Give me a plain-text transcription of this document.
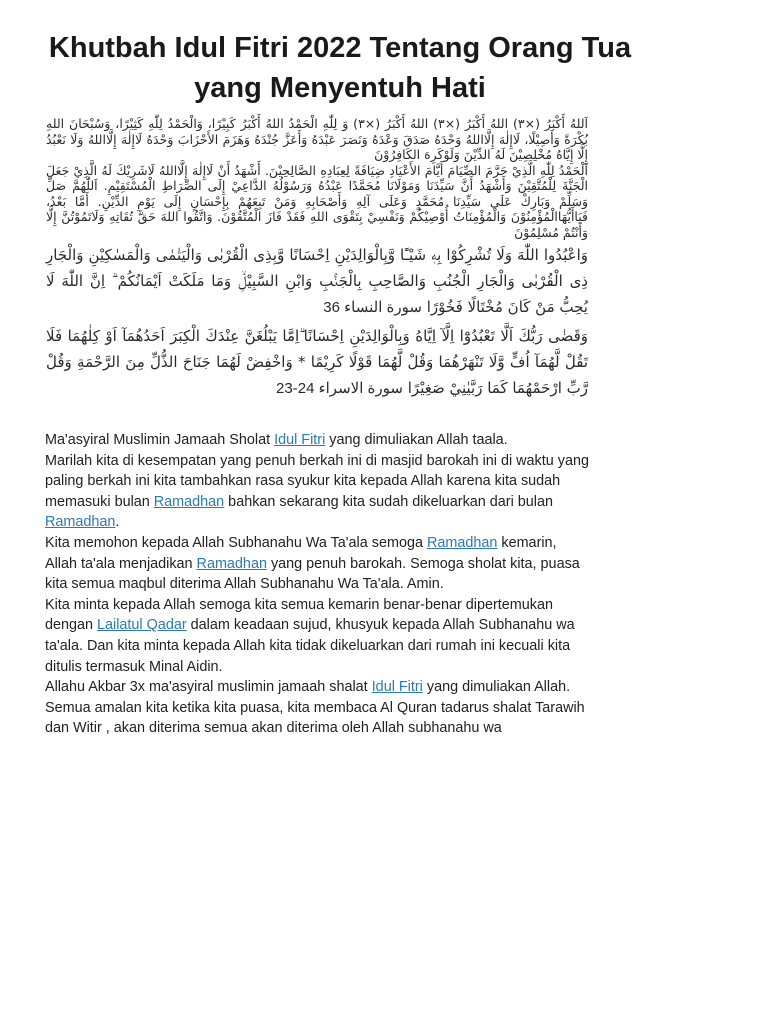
Khutbah Idul Fitri 2022 Tentang Orang Tua yang Menyentuh Hati

اَللهُ أَكْبَرُ (×٣) اللهُ أَكْبَرُ (×٣) اللهُ أَكْبَرُ (×٣) وَ لِلّٰهِ الْحَمْدُ اللهُ أَكْبَرُ كَبِيْرًا، وَالْحَمْدُ لِلّٰهِ كَثِيْرًا، وَسُبْحَانَ اللهِ بُكْرَةً وَأَصِيْلًا، لَاإِلٰهَ إِلَّااللهُ وَحْدَهُ صَدَقَ وَعْدَهُ وَنَصَرَ عَبْدَهُ وَأَعَزَّ جُنْدَهُ وَهَزَمَ الأَحْزَابَ وَحْدَهُ لَاإِلٰهَ إِلَّااللهُ وَلَا نَعْبُدُ إِلَّا إِيَّاهُ مُخْلِصِيْنَ لَهُ الدِّيْنَ وَلَوْكَرِهَ الكَافِرُوْنَ

اَلْحَمْدُ لِلّٰهِ الَّذِيْ حَرَّمَ الصِّيَامَ أَيَّامَ الأَعْيَادِ ضِيَافَةً لِعِبَادِهِ الصَّالِحِيْنَ. أَشْهَدُ أَنْ لَاإِلٰهَ إِلَّااللهُ لَاشَرِيْكَ لَهُ الَّذِيْ جَعَلَ الْجَنَّةَ لِلْمُتَّقِيْنَ وَأَشْهَدُ أَنَّ سَيِّدَنَا وَمَوْلَانَا مُحَمَّدًا عَبْدُهُ وَرَسُوْلُهُ الدَّاعِيْ إِلَى الصِّرَاطِ الْمُسْتَقِيْمِ. اَللّٰهُمَّ صَلِّ وَسَلِّمْ وَبَارِكْ عَلَى سَيِّدِنَا مُحَمَّدٍ وَعَلَى آلِهِ وَأَصْحَابِهِ وَمَنْ تَبِعَهُمْ بِإِحْسَانٍ إِلَى يَوْمِ الدِّيْنِ. أَمَّا بَعْدُ، فَيَاأَيُّهَاالْمُؤْمِنُوْنَ وَالْمُؤْمِنَاتُ أُوْصِيْكُمْ وَنَفْسِيْ بِتَقْوَى اللهِ فَقَدْ فَازَ الْمُتَّقُوْنَ. وَاتَّقُوا اللهَ حَقَّ تُقَاتِهِ وَلَاتَمُوْتُنَّ إِلَّا وَأَنْتُمْ مُسْلِمُوْنَ

وَاعْبُدُوا اللّٰهَ وَلَا تُشْرِكُوْا بِهٖ شَيْـًٔا وَّبِالْوَالِدَيْنِ اِحْسَانًا وَّبِذِى الْقُرْبٰى وَالْيَتٰمٰى وَالْمَسٰكِيْنِ وَالْجَارِ ذِى الْقُرْبٰى وَالْجَارِ الْجُنُبِ وَالصَّاحِبِ بِالْجَنْۢبِ وَابْنِ السَّبِيْلِۙ وَمَا مَلَكَتْ اَيْمَانُكُمْ ۗ اِنَّ اللّٰهَ لَا يُحِبُّ مَنْ كَانَ مُخْتَالًا فَخُوْرًا سورة النساء 36

وَقَضٰى رَبُّكَ اَلَّا تَعْبُدُوْٓا اِلَّآ اِيَّاهُ وَبِالْوَالِدَيْنِ اِحْسَانًا ۗاِمَّا يَبْلُغَنَّ عِنْدَكَ الْكِبَرَ اَحَدُهُمَآ اَوْ كِلٰهُمَا فَلَا تَقُلْ لَّهُمَآ اُفٍّ وَّلَا تَنْهَرْهُمَا وَقُلْ لَّهُمَا قَوْلًا كَرِيْمًا * وَاخْفِضْ لَهُمَا جَنَاحَ الذُّلِّ مِنَ الرَّحْمَةِ وَقُلْ رَّبِّ ارْحَمْهُمَا كَمَا رَبَّيٰنِيْ صَغِيْرًا سورة الاسراء 24-23

Ma'asyiral Muslimin Jamaah Sholat Idul Fitri yang dimuliakan Allah taala.

Marilah kita di kesempatan yang penuh berkah ini di masjid barokah ini di waktu yang paling berkah ini kita tambahkan rasa syukur kita kepada Allah karena kita sudah memasuki bulan Ramadhan bahkan sekarang kita sudah dikeluarkan dari bulan Ramadhan.

Kita memohon kepada Allah Subhanahu Wa Ta'ala semoga Ramadhan kemarin, Allah ta'ala menjadikan Ramadhan yang penuh barokah. Semoga sholat kita, puasa kita semua maqbul diterima Allah Subhanahu Wa Ta'ala. Amin.

Kita minta kepada Allah semoga kita semua kemarin benar-benar dipertemukan dengan Lailatul Qadar dalam keadaan sujud, khusyuk kepada Allah Subhanahu wa ta'ala. Dan kita minta kepada Allah kita tidak dikeluarkan dari rumah ini kecuali kita ditulis termasuk Minal Aidin.

Allahu Akbar 3x ma'asyiral muslimin jamaah shalat Idul Fitri yang dimuliakan Allah.

Semua amalan kita ketika kita puasa, kita membaca Al Quran tadarus shalat Tarawih dan Witir , akan diterima semua akan diterima oleh Allah subhanahu wa
